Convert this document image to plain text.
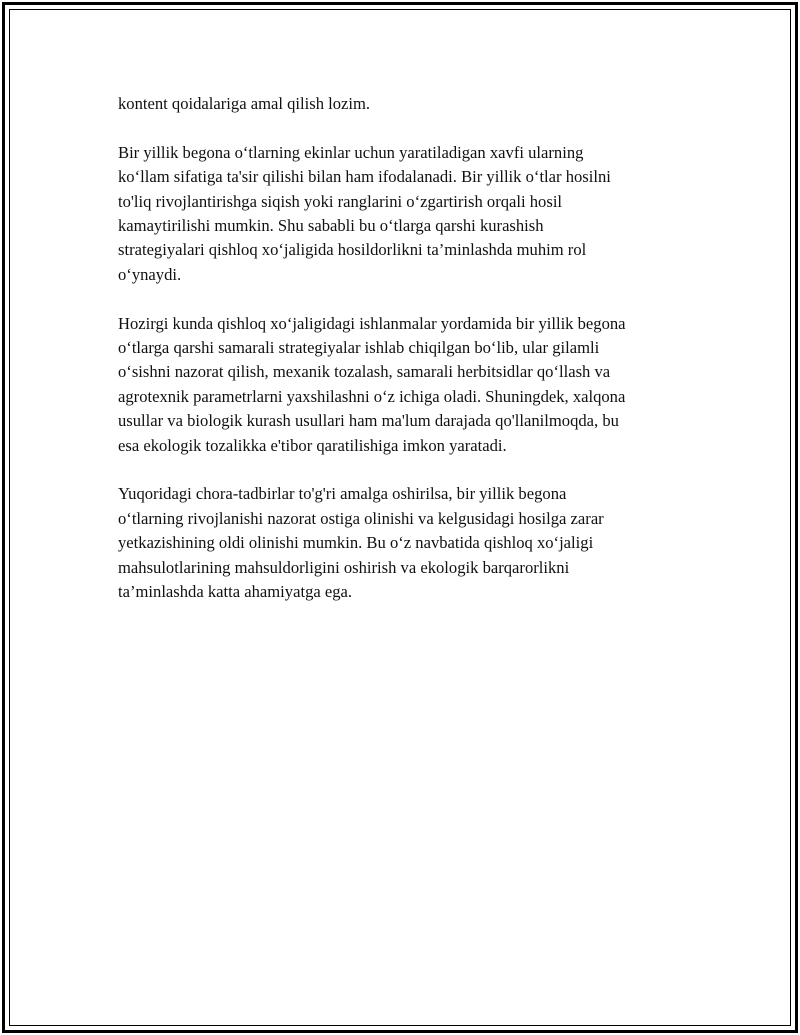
kontent qoidalariga amal qilish lozim.

Bir yillik begona o‘tlarning ekinlar uchun yaratiladigan xavfi ularning
ko‘llam sifatiga ta'sir qilishi bilan ham ifodalanadi. Bir yillik o‘tlar hosilni
to'liq rivojlantirishga siqish yoki ranglarini o‘zgartirish orqali hosil
kamaytirilishi mumkin. Shu sababli bu o‘tlarga qarshi kurashish
strategiyalari qishloq xo‘jaligida hosildorlikni ta’minlashda muhim rol
o‘ynaydi.

Hozirgi kunda qishloq xo‘jaligidagi ishlanmalar yordamida bir yillik begona
o‘tlarga qarshi samarali strategiyalar ishlab chiqilgan bo‘lib, ular gilamli
o‘sishni nazorat qilish, mexanik tozalash, samarali herbitsidlar qo‘llash va
agrotexnik parametrlarni yaxshilashni o‘z ichiga oladi. Shuningdek, xalqona
usullar va biologik kurash usullari ham ma'lum darajada qo'llanilmoqda, bu
esa ekologik tozalikka e'tibor qaratilishiga imkon yaratadi.

Yuqoridagi chora-tadbirlar to'g'ri amalga oshirilsa, bir yillik begona
o‘tlarning rivojlanishi nazorat ostiga olinishi va kelgusidagi hosilga zarar
yetkazishining oldi olinishi mumkin. Bu o‘z navbatida qishloq xo‘jaligi
mahsulotlarining mahsuldorligini oshirish va ekologik barqarorlikni
ta’minlashda katta ahamiyatga ega.
